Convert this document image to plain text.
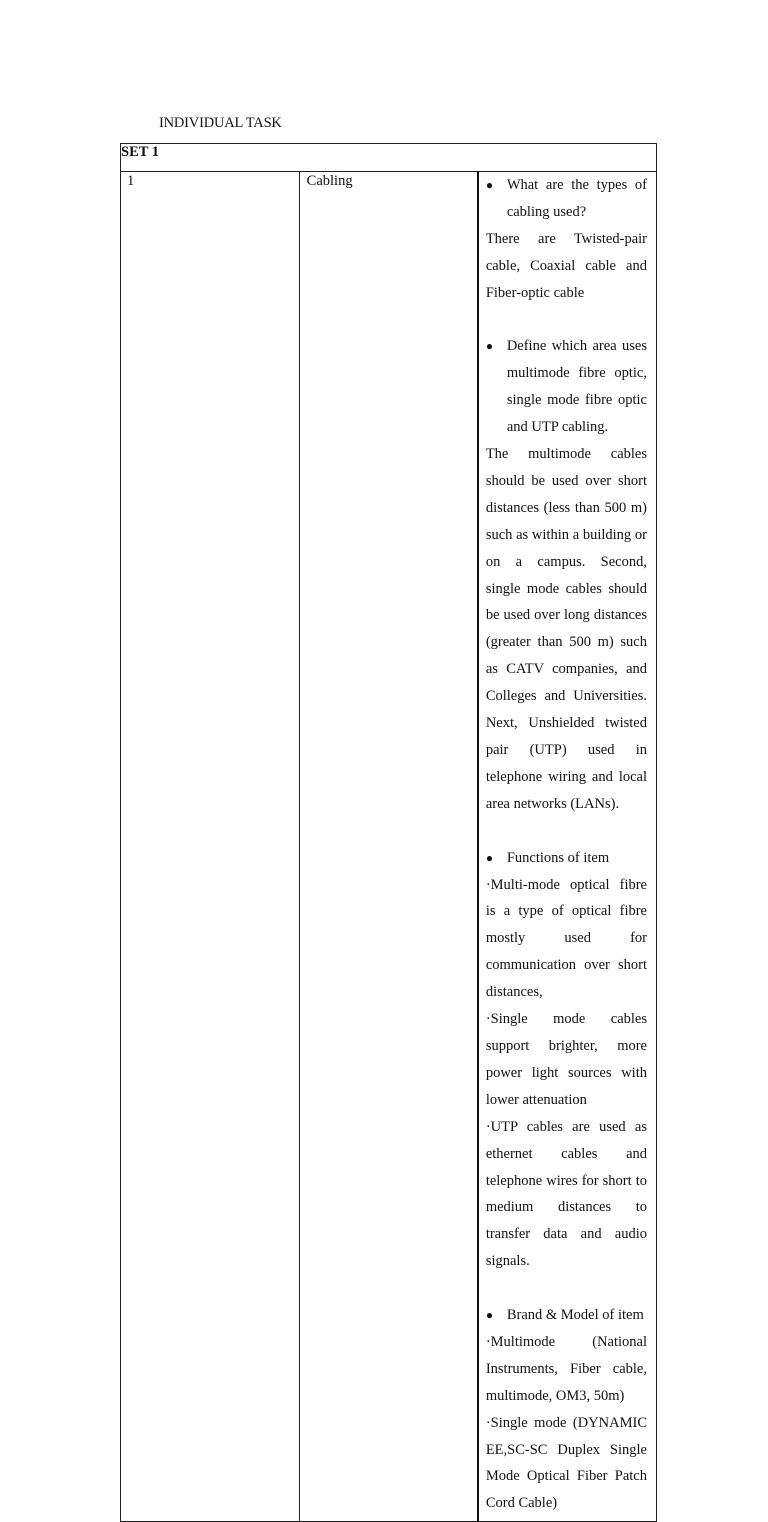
INDIVIDUAL TASK
SET 1
1	Cabling	● What are the types of cabling used?
There are Twisted-pair cable, Coaxial cable and Fiber-optic cable
● Define which area uses multimode fibre optic, single mode fibre optic and UTP cabling.
The multimode cables should be used over short distances (less than 500 m) such as within a building or on a campus. Second, single mode cables should be used over long distances (greater than 500 m) such as CATV companies, and Colleges and Universities. Next, Unshielded twisted pair (UTP) used in telephone wiring and local area networks (LANs).
● Functions of item
·Multi-mode optical fibre is a type of optical fibre mostly used for communication over short distances,
·Single mode cables support brighter, more power light sources with lower attenuation
·UTP cables are used as ethernet cables and telephone wires for short to medium distances to transfer data and audio signals.
● Brand & Model of item
·Multimode (National Instruments, Fiber cable, multimode, OM3, 50m)
·Single mode (DYNAMIC EE,SC-SC Duplex Single Mode Optical Fiber Patch Cord Cable)
